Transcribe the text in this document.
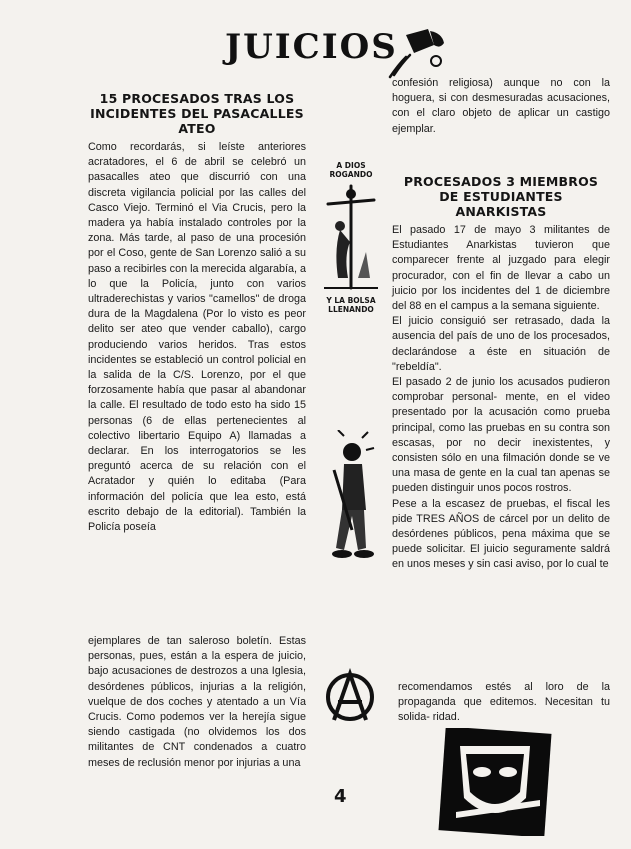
JUICIOS
15 PROCESADOS TRAS LOS INCIDENTES DEL PASACALLES ATEO

Como recordarás, si leíste anteriores acratadores, el 6 de abril se celebró un pasacalles ateo que discurrió con una discreta vigilancia policial por las calles del Casco Viejo. Terminó el Via Crucis, pero la madera ya había instalado controles por la zona. Más tarde, al paso de una procesión por el Coso, gente de San Lorenzo salió a su paso a recibirles con la merecida algarabía, a lo que la Policía, junto con varios ultraderechistas y varios "camellos" de droga dura de la Magdalena (Por lo visto es peor delito ser ateo que vender caballo), cargo produciendo varios heridos. Tras estos incidentes se estableció un control policial en la salida de la C/S. Lorenzo, por el que forzosamente había que pasar al abandonar la calle. El resultado de todo esto ha sido 15 personas (6 de ellas pertenecientes al colectivo libertario Equipo A) llamadas a declarar. En los interrogatorios se les preguntó acerca de su relación con el Acratador y quién lo editaba (Para información del policía que lea esto, está escrito debajo de la editorial). También la Policía poseía

ejemplares de tan saleroso boletín. Estas personas, pues, están a la espera de juicio, bajo acusaciones de destrozos a una Iglesia, desórdenes públicos, injurias a la religión, vuelque de dos coches y atentado a un Vía Crucis. Como podemos ver la herejía sigue siendo castigada (no olvidemos los dos militantes de CNT condenados a cuatro meses de reclusión menor por injurias a una

confesión religiosa) aunque no con la hoguera, si con desmesuradas acusaciones, con el claro objeto de aplicar un castigo ejemplar.

PROCESADOS 3 MIEMBROS DE ESTUDIANTES ANARKISTAS

El pasado 17 de mayo 3 militantes de Estudiantes Anarkistas tuvieron que comparecer frente al juzgado para elegir procurador, con el fin de llevar a cabo un juicio por los incidentes del 1 de diciembre del 88 en el campus a la semana siguiente.

El juicio consiguió ser retrasado, dada la ausencia del país de uno de los procesados, declarándose a éste en situación de "rebeldía".

El pasado 2 de junio los acusados pudieron comprobar personal- mente, en el video presentado por la acusación como prueba principal, como las pruebas en su contra son escasas, por no decir inexistentes, y consisten sólo en una filmación donde se ve una masa de gente en la cual tan apenas se pueden distinguir unos pocos rostros.

Pese a la escasez de pruebas, el fiscal les pide TRES AÑOS de cárcel por un delito de desórdenes públicos, pena máxima que se puede solicitar. El juicio seguramente saldrá en unos meses y sin casi aviso, por lo cual te

recomendamos estés al loro de la propaganda que editemos. Necesitan tu solida- ridad.

A DIOS ROGANDO
Y LA BOLSA LLENANDO
4
